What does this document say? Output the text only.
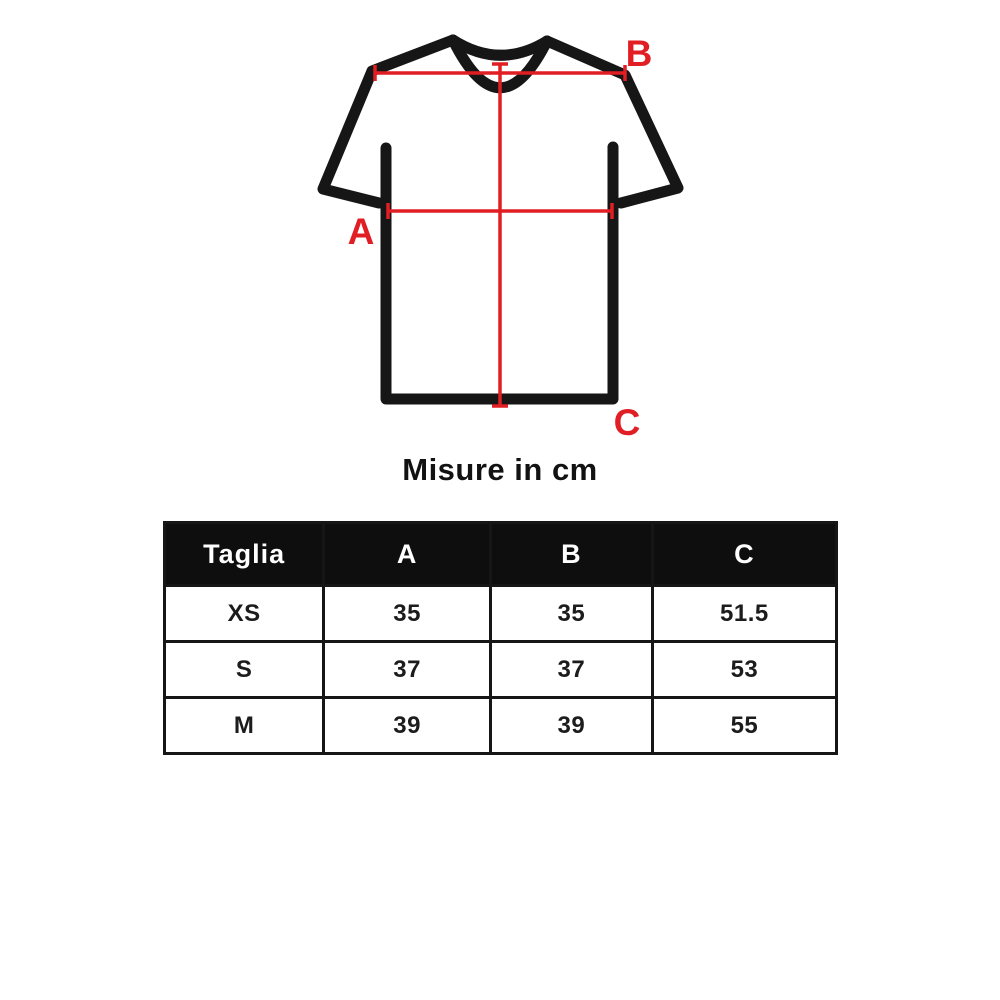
A
B
C
Misure in cm
Taglia	A	B	C
XS	35	35	51.5
S	37	37	53
M	39	39	55
